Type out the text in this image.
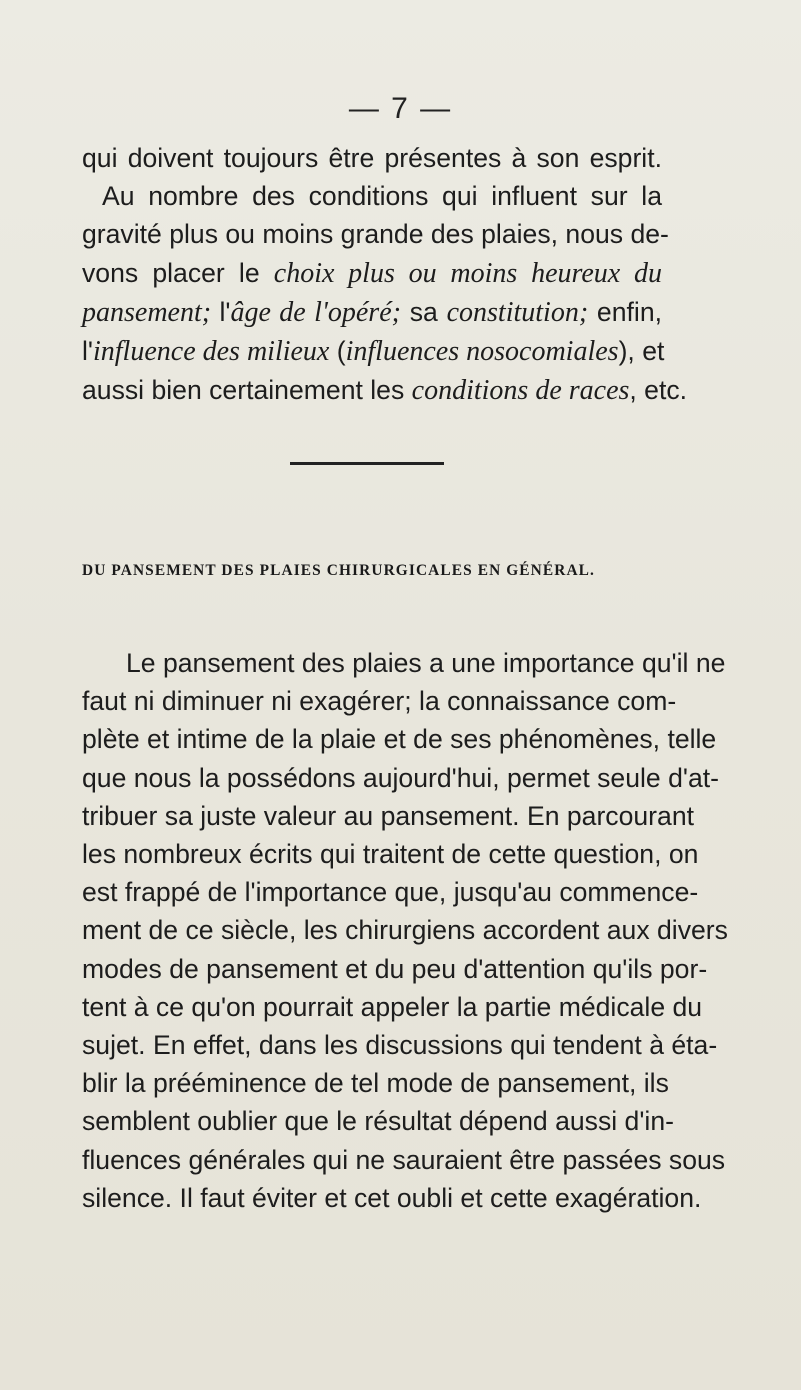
— 7 —
qui doivent toujours être présentes à son esprit.
Au nombre des conditions qui influent sur la
gravité plus ou moins grande des plaies, nous de-
vons placer le choix plus ou moins heureux du
pansement; l'âge de l'opéré; sa constitution; enfin,
l'influence des milieux (influences nosocomiales), et
aussi bien certainement les conditions de races, etc.
DU PANSEMENT DES PLAIES CHIRURGICALES EN GÉNÉRAL.
Le pansement des plaies a une importance qu'il ne
faut ni diminuer ni exagérer; la connaissance com-
plète et intime de la plaie et de ses phénomènes, telle
que nous la possédons aujourd'hui, permet seule d'at-
tribuer sa juste valeur au pansement. En parcourant
les nombreux écrits qui traitent de cette question, on
est frappé de l'importance que, jusqu'au commence-
ment de ce siècle, les chirurgiens accordent aux divers
modes de pansement et du peu d'attention qu'ils por-
tent à ce qu'on pourrait appeler la partie médicale du
sujet. En effet, dans les discussions qui tendent à éta-
blir la prééminence de tel mode de pansement, ils
semblent oublier que le résultat dépend aussi d'in-
fluences générales qui ne sauraient être passées sous
silence. Il faut éviter et cet oubli et cette exagération.
